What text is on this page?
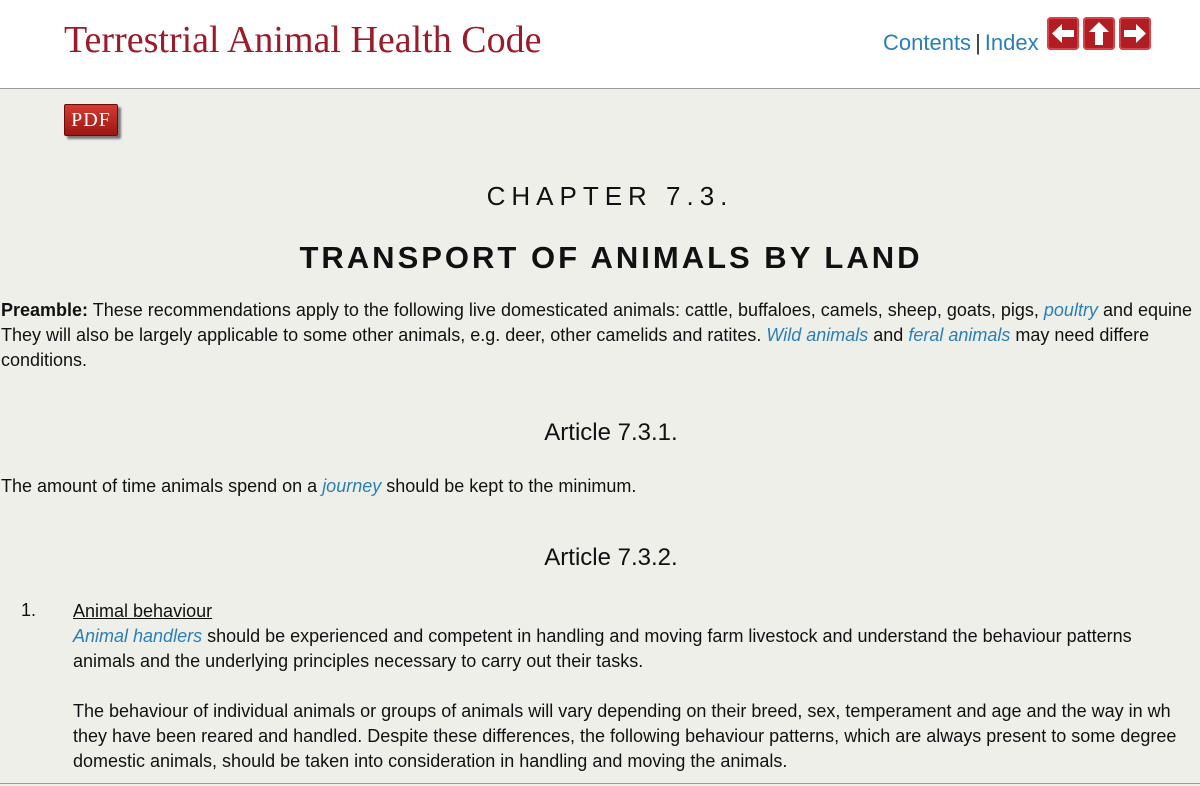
Terrestrial Animal Health Code	Contents | Index
PDF
CHAPTER 7.3.
TRANSPORT OF ANIMALS BY LAND
Preamble: These recommendations apply to the following live domesticated animals: cattle, buffaloes, camels, sheep, goats, pigs, poultry and equine
They will also be largely applicable to some other animals, e.g. deer, other camelids and ratites. Wild animals and feral animals may need differe
conditions.
Article 7.3.1.
The amount of time animals spend on a journey should be kept to the minimum.
Article 7.3.2.
1. Animal behaviour
Animal handlers should be experienced and competent in handling and moving farm livestock and understand the behaviour patterns
animals and the underlying principles necessary to carry out their tasks.
The behaviour of individual animals or groups of animals will vary depending on their breed, sex, temperament and age and the way in wh
they have been reared and handled. Despite these differences, the following behaviour patterns, which are always present to some degree
domestic animals, should be taken into consideration in handling and moving the animals.
